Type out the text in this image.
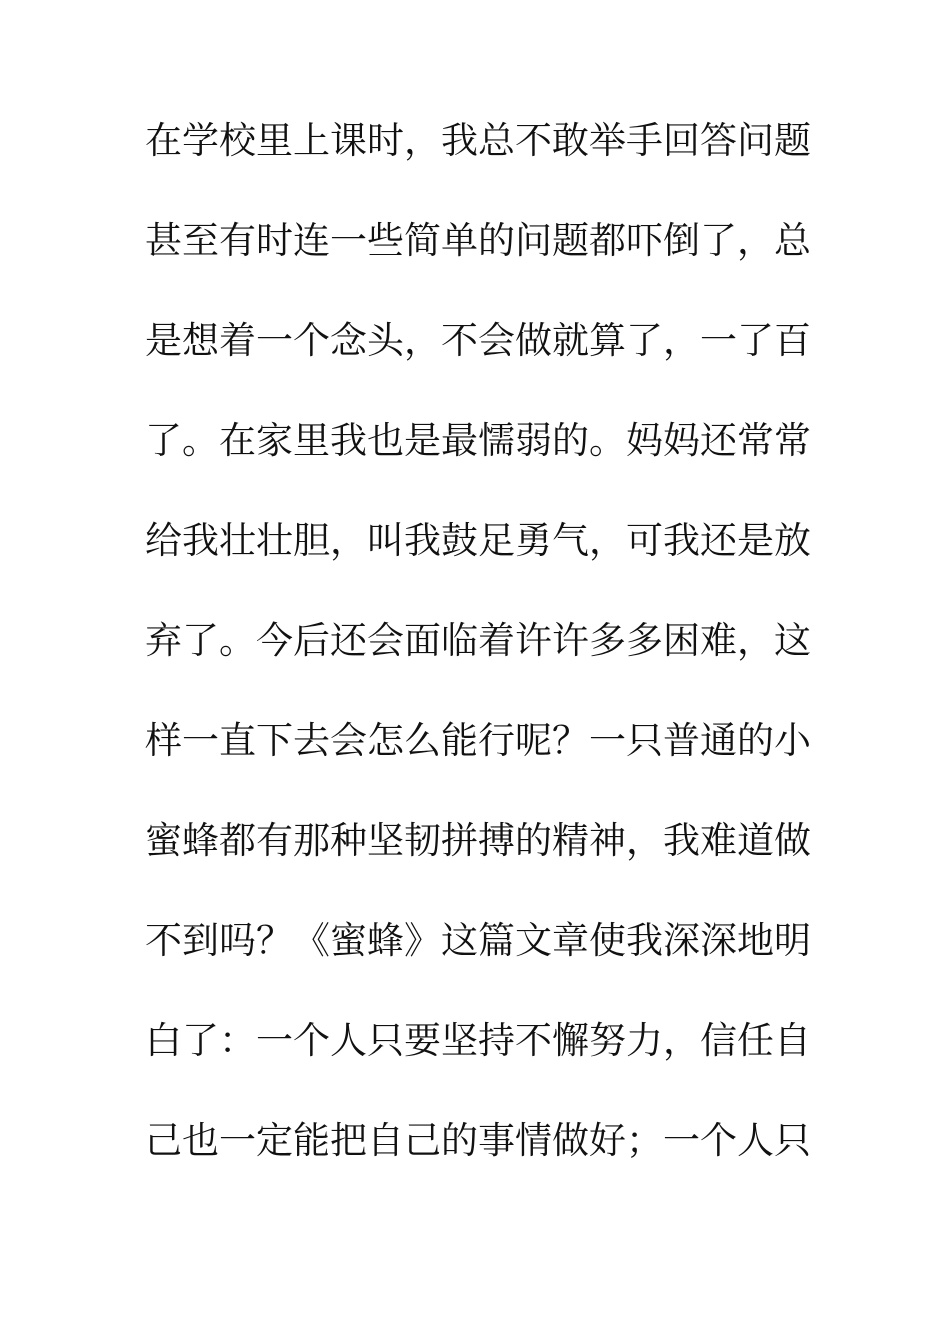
在学校里上课时，我总不敢举手回答问题
甚至有时连一些简单的问题都吓倒了，总
是想着一个念头，不会做就算了，一了百
了。在家里我也是最懦弱的。妈妈还常常
给我壮壮胆，叫我鼓足勇气，可我还是放
弃了。今后还会面临着许许多多困难，这
样一直下去会怎么能行呢？一只普通的小
蜜蜂都有那种坚韧拼搏的精神，我难道做
不到吗？《蜜蜂》这篇文章使我深深地明
白了：一个人只要坚持不懈努力，信任自
己也一定能把自己的事情做好；一个人只
